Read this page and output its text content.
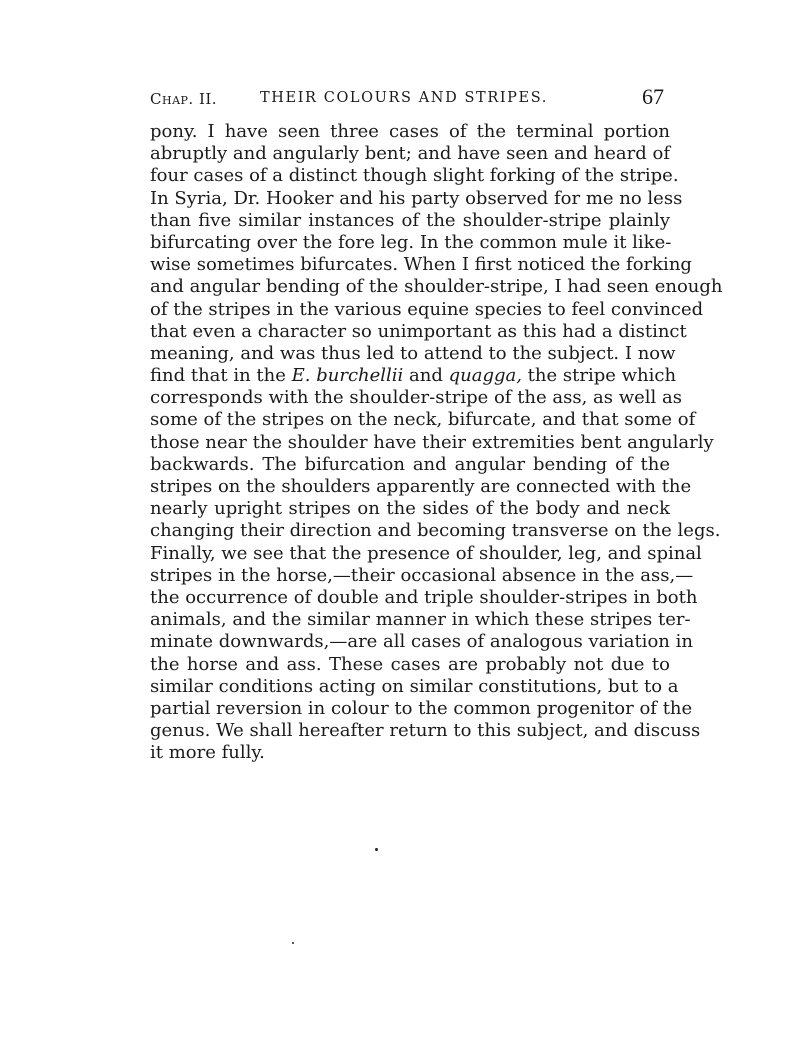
Chap. II.	THEIR COLOURS AND STRIPES.	67
pony. I have seen three cases of the terminal portion
abruptly and angularly bent; and have seen and heard of
four cases of a distinct though slight forking of the stripe.
In Syria, Dr. Hooker and his party observed for me no less
than five similar instances of the shoulder-stripe plainly
bifurcating over the fore leg. In the common mule it like-
wise sometimes bifurcates. When I first noticed the forking
and angular bending of the shoulder-stripe, I had seen enough
of the stripes in the various equine species to feel convinced
that even a character so unimportant as this had a distinct
meaning, and was thus led to attend to the subject. I now
find that in the E. burchellii and quagga, the stripe which
corresponds with the shoulder-stripe of the ass, as well as
some of the stripes on the neck, bifurcate, and that some of
those near the shoulder have their extremities bent angularly
backwards. The bifurcation and angular bending of the
stripes on the shoulders apparently are connected with the
nearly upright stripes on the sides of the body and neck
changing their direction and becoming transverse on the legs.
Finally, we see that the presence of shoulder, leg, and spinal
stripes in the horse,—their occasional absence in the ass,—
the occurrence of double and triple shoulder-stripes in both
animals, and the similar manner in which these stripes ter-
minate downwards,—are all cases of analogous variation in
the horse and ass. These cases are probably not due to
similar conditions acting on similar constitutions, but to a
partial reversion in colour to the common progenitor of the
genus. We shall hereafter return to this subject, and discuss
it more fully.
